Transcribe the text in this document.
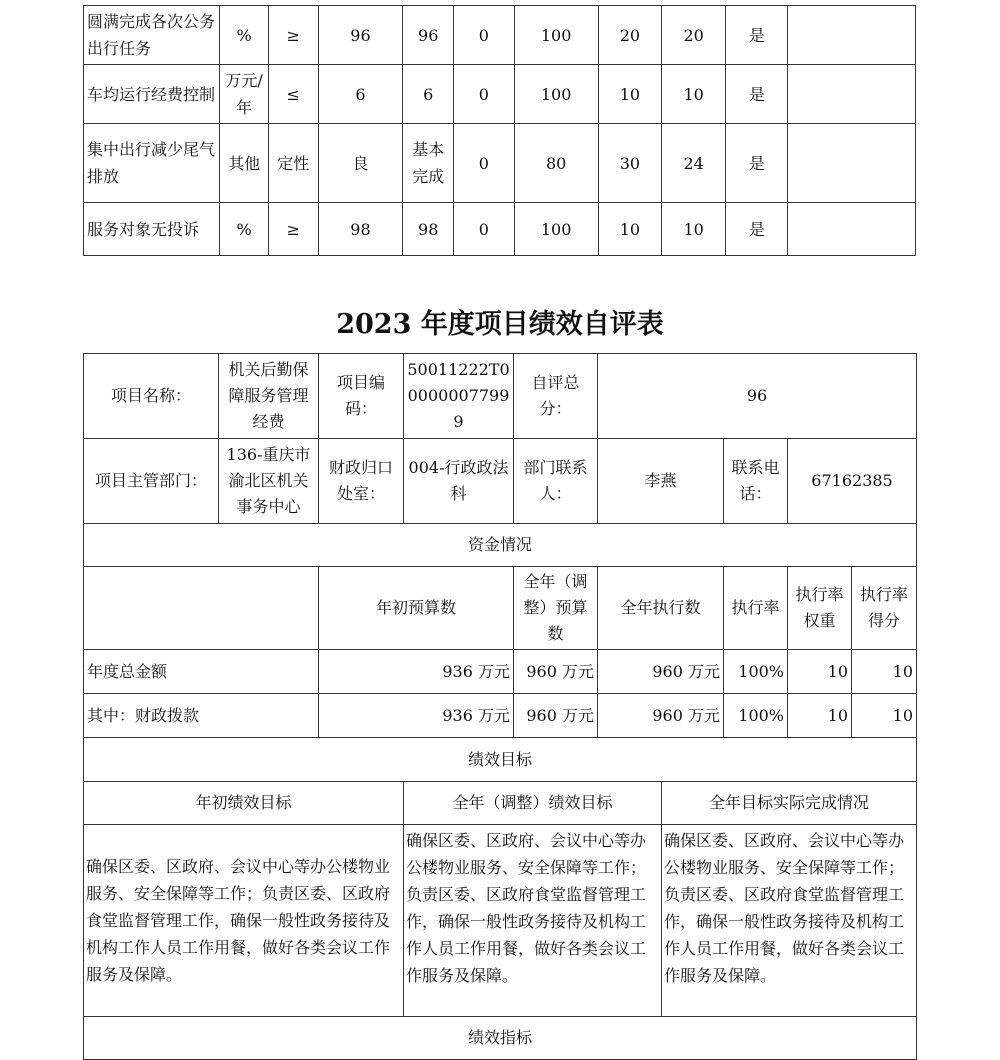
圆满完成各次公务出行任务	%	≥	96	96	0	100	20	20	是	
车均运行经费控制	万元/年	≤	6	6	0	100	10	10	是	
集中出行减少尾气排放	其他	定性	良	基本完成	0	80	30	24	是	
服务对象无投诉	%	≥	98	98	0	100	10	10	是	
2023 年度项目绩效自评表
项目名称：	机关后勤保障服务管理经费	项目编码：	50011222T000000077999	自评总分：	96				
项目主管部门：	136-重庆市渝北区机关事务中心	财政归口处室：	004-行政政法科	部门联系人：	李燕		联系电话：	67162385	
资金情况									
		年初预算数		全年（调整）预算数	全年执行数		执行率	执行率权重	执行率得分
年度总金额		936 万元		960 万元	960 万元		100%	10	10
其中：财政拨款		936 万元		960 万元	960 万元		100%	10	10
绩效目标									
年初绩效目标			全年（调整）绩效目标			全年目标实际完成情况			
确保区委、区政府、会议中心等办公楼物业服务、安全保障等工作；负责区委、区政府食堂监督管理工作，确保一般性政务接待及机构工作人员工作用餐，做好各类会议工作服务及保障。			确保区委、区政府、会议中心等办公楼物业服务、安全保障等工作；负责区委、区政府食堂监督管理工作，确保一般性政务接待及机构工作人员工作用餐，做好各类会议工作服务及保障。			确保区委、区政府、会议中心等办公楼物业服务、安全保障等工作；负责区委、区政府食堂监督管理工作，确保一般性政务接待及机构工作人员工作用餐，做好各类会议工作服务及保障。			
绩效指标									
